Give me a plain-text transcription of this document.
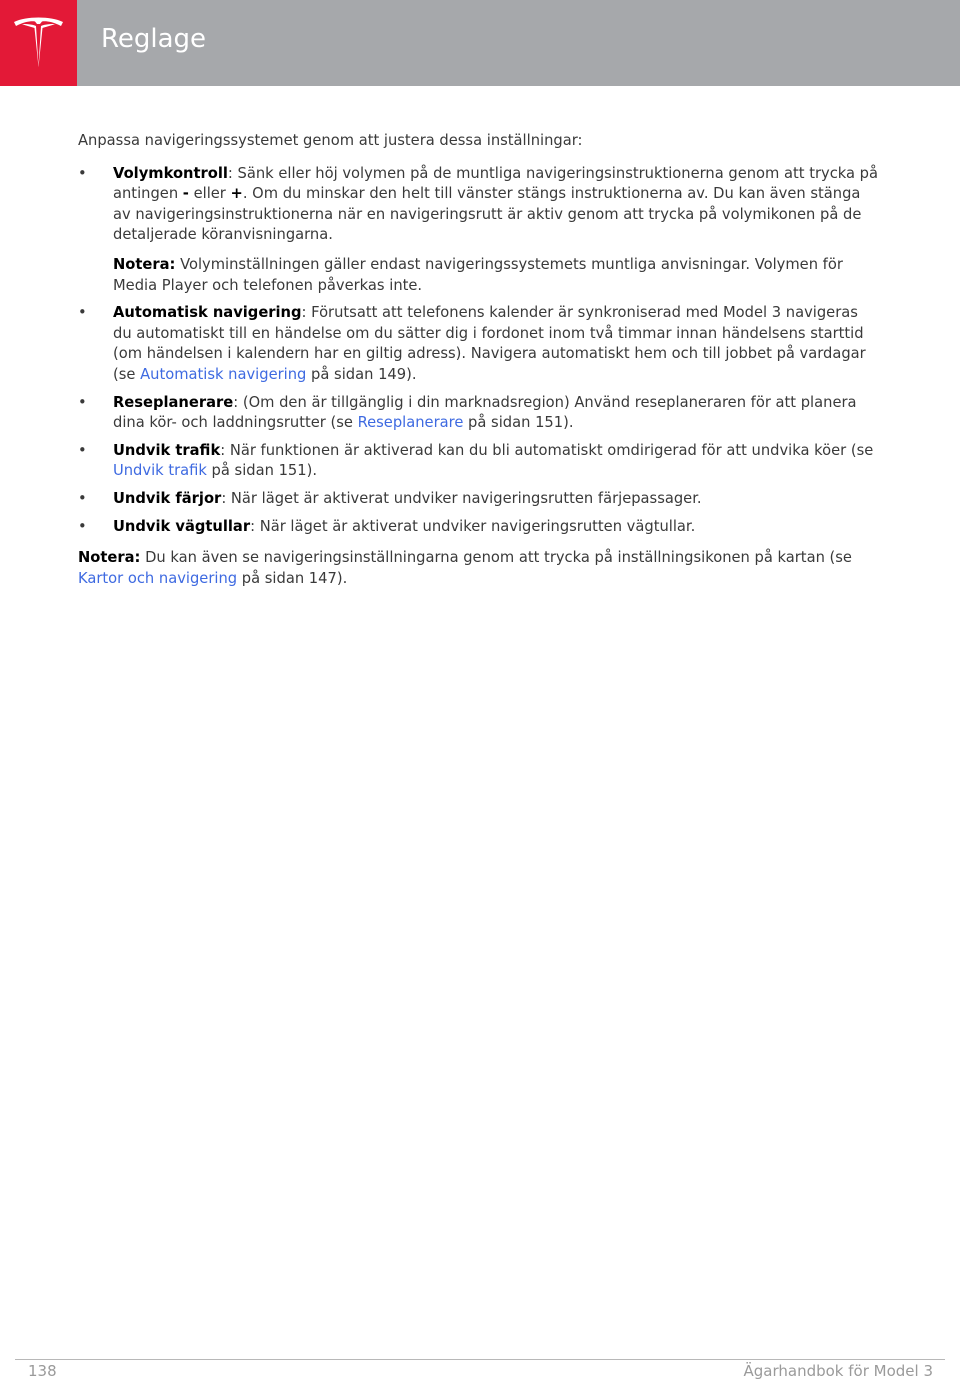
Reglage

Anpassa navigeringssystemet genom att justera dessa inställningar:

• Volymkontroll: Sänk eller höj volymen på de muntliga navigeringsinstruktionerna genom att trycka på antingen - eller +. Om du minskar den helt till vänster stängs instruktionerna av. Du kan även stänga av navigeringsinstruktionerna när en navigeringsrutt är aktiv genom att trycka på volymikonen på de detaljerade köranvisningarna.

Notera: Volyminställningen gäller endast navigeringssystemets muntliga anvisningar. Volymen för Media Player och telefonen påverkas inte.

• Automatisk navigering: Förutsatt att telefonens kalender är synkroniserad med Model 3 navigeras du automatiskt till en händelse om du sätter dig i fordonet inom två timmar innan händelsens starttid (om händelsen i kalendern har en giltig adress). Navigera automatiskt hem och till jobbet på vardagar (se Automatisk navigering på sidan 149).
• Reseplanerare: (Om den är tillgänglig i din marknadsregion) Använd reseplaneraren för att planera dina kör- och laddningsrutter (se Reseplanerare på sidan 151).
• Undvik trafik: När funktionen är aktiverad kan du bli automatiskt omdirigerad för att undvika köer (se Undvik trafik på sidan 151).
• Undvik färjor: När läget är aktiverat undviker navigeringsrutten färjepassager.
• Undvik vägtullar: När läget är aktiverat undviker navigeringsrutten vägtullar.

Notera: Du kan även se navigeringsinställningarna genom att trycka på inställningsikonen på kartan (se Kartor och navigering på sidan 147).

138	Ägarhandbok för Model 3
